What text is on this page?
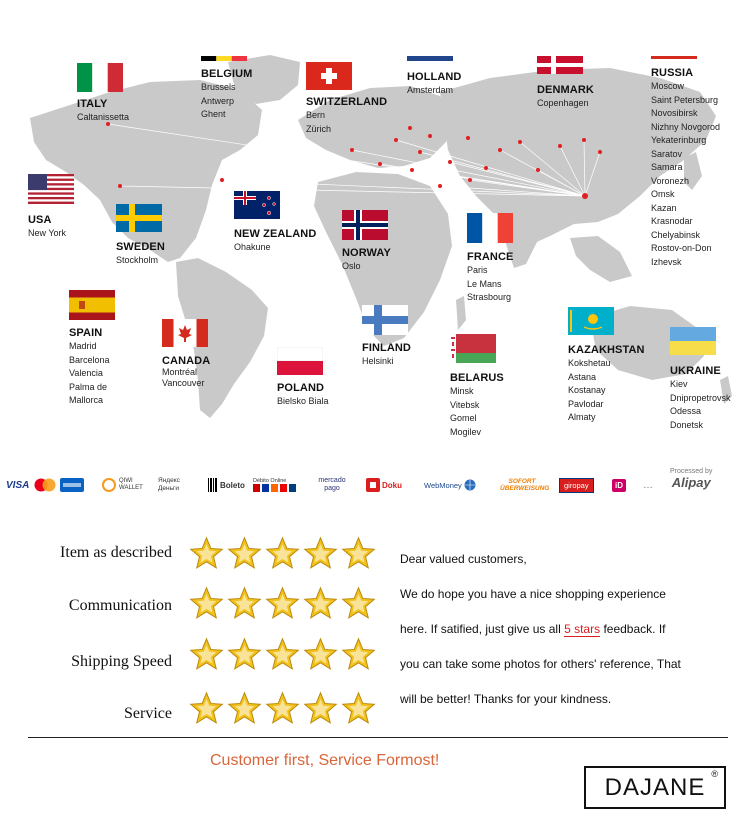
ITALY
Caltanissetta
BELGIUM
Brussels
Antwerp
Ghent
SWITZERLAND
Bern
Zürich
HOLLAND
Amsterdam	DENMARK
Copenhagen
RUSSIA
Moscow
Saint Petersburg
Novosibirsk
Nizhny Novgorod
Yekaterinburg
Saratov
Samara
Voronezh
Omsk
Kazan
Krasnodar
Chelyabinsk
Rostov-on-Don
Izhevsk
USA
New York
SWEDEN
Stockholm
NEW ZEALAND
Ohakune	NORWAY
Oslo
FRANCE
Paris
Le Mans
Strasbourg
SPAIN
Madrid
Barcelona
Valencia
Palma de
Mallorca
CANADA
Montréal
Vancouver	POLAND
Bielsko Biala
FINLAND
Helsinki
BELARUS
Minsk
Vitebsk
Gomel
Mogilev
KAZAKHSTAN
Kokshetau
Astana
Kostanay
Pavlodar
Almaty
UKRAINE
Kiev
Dnipropetrovsk
Odessa
Donetsk
VISA	QIWI WALLET
Яндекс Деньги	Boleto Débito Online	mercado pago	Doku	WebMoney	SOFORT ÜBERWEISUNG	giropay	iD	…
Processed by
Alipay
Item as described
Communication
Shipping Speed
Service

Dear valued customers,

We do hope you have a nice shopping experience

here. If satified, just give us all 5 stars feedback. If

you can take some photos for others' reference, That

will be better! Thanks for your kindness.

Customer first, Service Formost!
DAJANE ®
